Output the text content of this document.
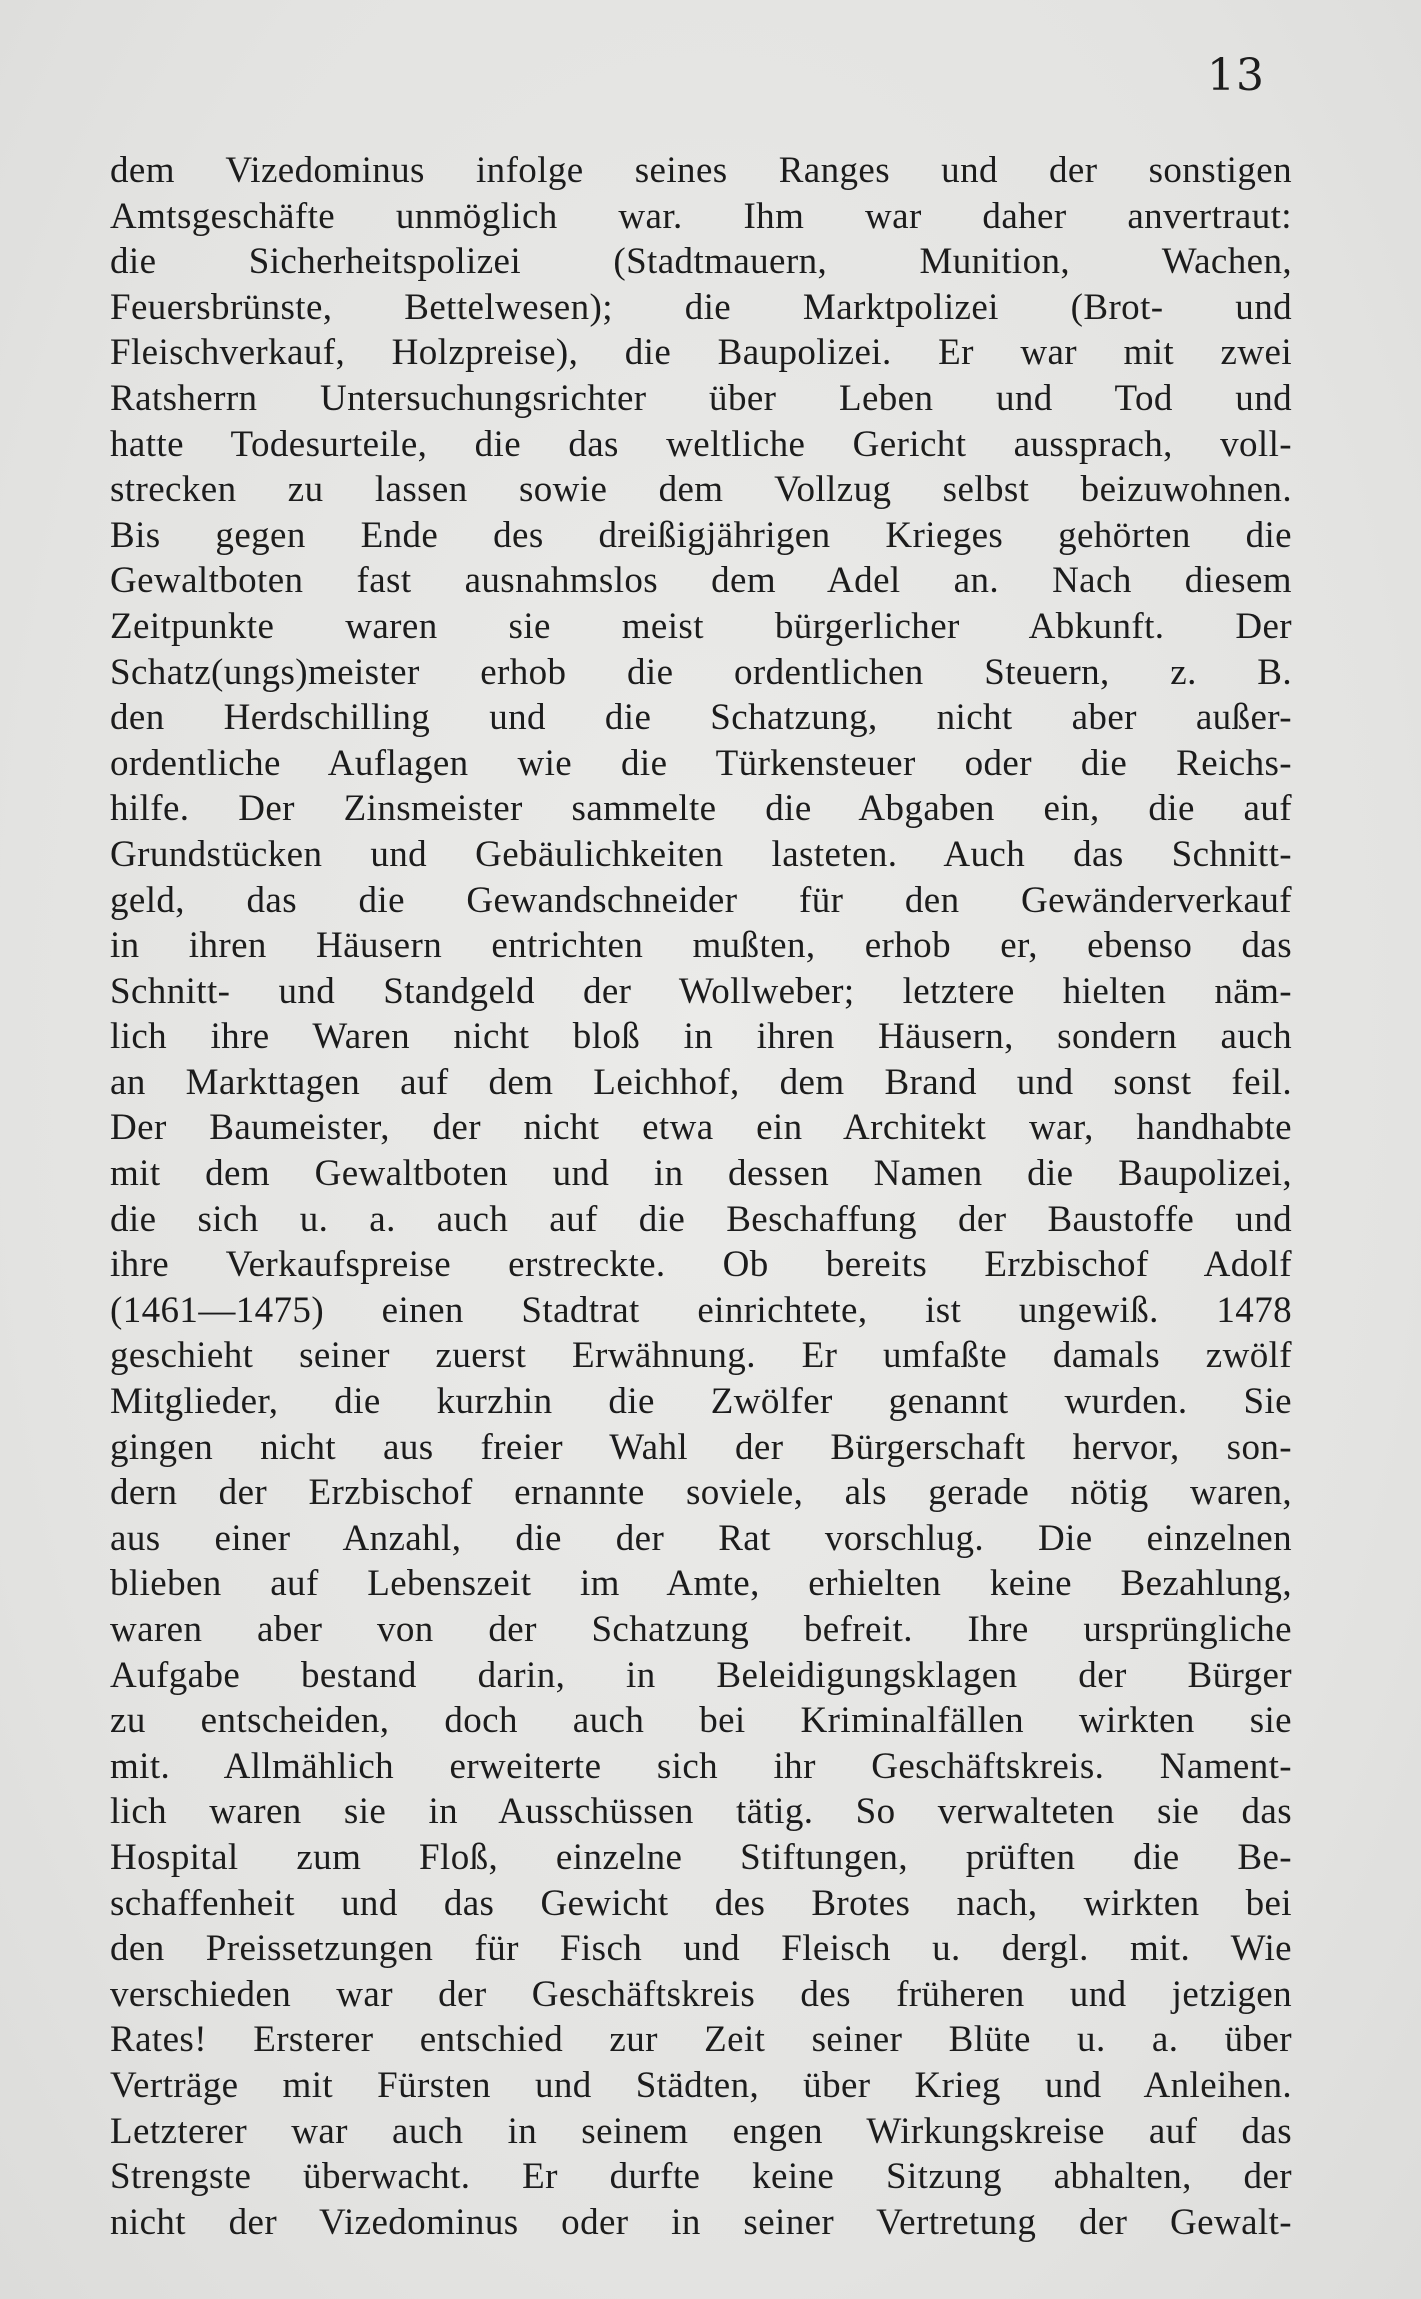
13
dem Vizedominus infolge seines Ranges und der sonstigen
Amtsgeschäfte unmöglich war. Ihm war daher anvertraut:
die Sicherheitspolizei (Stadtmauern, Munition, Wachen,
Feuersbrünste, Bettelwesen); die Marktpolizei (Brot- und
Fleischverkauf, Holzpreise), die Baupolizei. Er war mit zwei
Ratsherrn Untersuchungsrichter über Leben und Tod und
hatte Todesurteile, die das weltliche Gericht aussprach, voll-
strecken zu lassen sowie dem Vollzug selbst beizuwohnen.
Bis gegen Ende des dreißigjährigen Krieges gehörten die
Gewaltboten fast ausnahmslos dem Adel an. Nach diesem
Zeitpunkte waren sie meist bürgerlicher Abkunft. Der
Schatz(ungs)meister erhob die ordentlichen Steuern, z. B.
den Herdschilling und die Schatzung, nicht aber außer-
ordentliche Auflagen wie die Türkensteuer oder die Reichs-
hilfe. Der Zinsmeister sammelte die Abgaben ein, die auf
Grundstücken und Gebäulichkeiten lasteten. Auch das Schnitt-
geld, das die Gewandschneider für den Gewänderverkauf
in ihren Häusern entrichten mußten, erhob er, ebenso das
Schnitt- und Standgeld der Wollweber; letztere hielten näm-
lich ihre Waren nicht bloß in ihren Häusern, sondern auch
an Markttagen auf dem Leichhof, dem Brand und sonst feil.
Der Baumeister, der nicht etwa ein Architekt war, handhabte
mit dem Gewaltboten und in dessen Namen die Baupolizei,
die sich u. a. auch auf die Beschaffung der Baustoffe und
ihre Verkaufspreise erstreckte. Ob bereits Erzbischof Adolf
(1461—1475) einen Stadtrat einrichtete, ist ungewiß. 1478
geschieht seiner zuerst Erwähnung. Er umfaßte damals zwölf
Mitglieder, die kurzhin die Zwölfer genannt wurden. Sie
gingen nicht aus freier Wahl der Bürgerschaft hervor, son-
dern der Erzbischof ernannte soviele, als gerade nötig waren,
aus einer Anzahl, die der Rat vorschlug. Die einzelnen
blieben auf Lebenszeit im Amte, erhielten keine Bezahlung,
waren aber von der Schatzung befreit. Ihre ursprüngliche
Aufgabe bestand darin, in Beleidigungsklagen der Bürger
zu entscheiden, doch auch bei Kriminalfällen wirkten sie
mit. Allmählich erweiterte sich ihr Geschäftskreis. Nament-
lich waren sie in Ausschüssen tätig. So verwalteten sie das
Hospital zum Floß, einzelne Stiftungen, prüften die Be-
schaffenheit und das Gewicht des Brotes nach, wirkten bei
den Preissetzungen für Fisch und Fleisch u. dergl. mit. Wie
verschieden war der Geschäftskreis des früheren und jetzigen
Rates! Ersterer entschied zur Zeit seiner Blüte u. a. über
Verträge mit Fürsten und Städten, über Krieg und Anleihen.
Letzterer war auch in seinem engen Wirkungskreise auf das
Strengste überwacht. Er durfte keine Sitzung abhalten, der
nicht der Vizedominus oder in seiner Vertretung der Gewalt-
